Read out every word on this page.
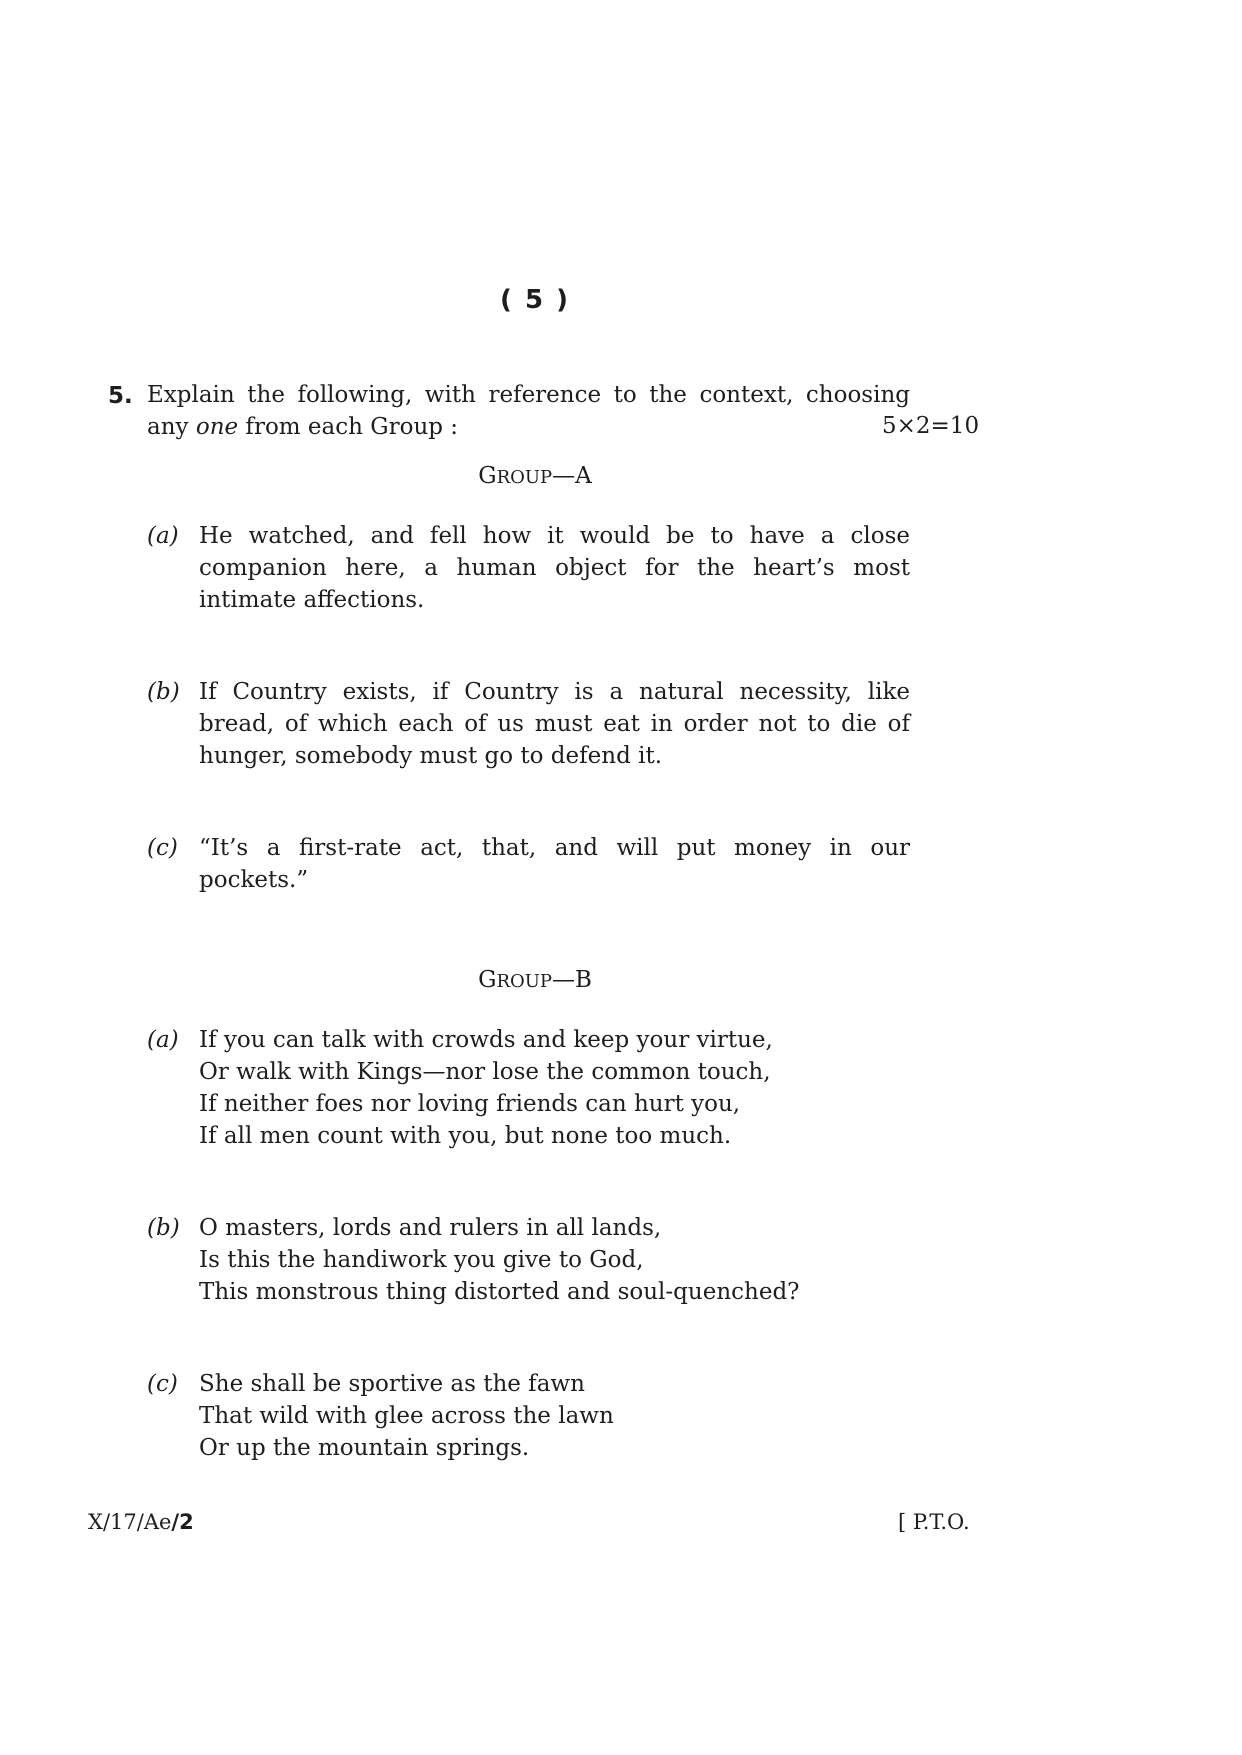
( 5 )
5. Explain the following, with reference to the context, choosing
any one from each Group :	5×2=10
GROUP—A
(a) He watched, and fell how it would be to have a close
companion here, a human object for the heart’s most
intimate affections.
(b) If Country exists, if Country is a natural necessity, like
bread, of which each of us must eat in order not to die of
hunger, somebody must go to defend it.
(c) “It’s a first-rate act, that, and will put money in our
pockets.”
GROUP—B
(a) If you can talk with crowds and keep your virtue,
Or walk with Kings—nor lose the common touch,
If neither foes nor loving friends can hurt you,
If all men count with you, but none too much.
(b) O masters, lords and rulers in all lands,
Is this the handiwork you give to God,
This monstrous thing distorted and soul-quenched?
(c) She shall be sportive as the fawn
That wild with glee across the lawn
Or up the mountain springs.
X/17/Ae/2	[ P.T.O.
